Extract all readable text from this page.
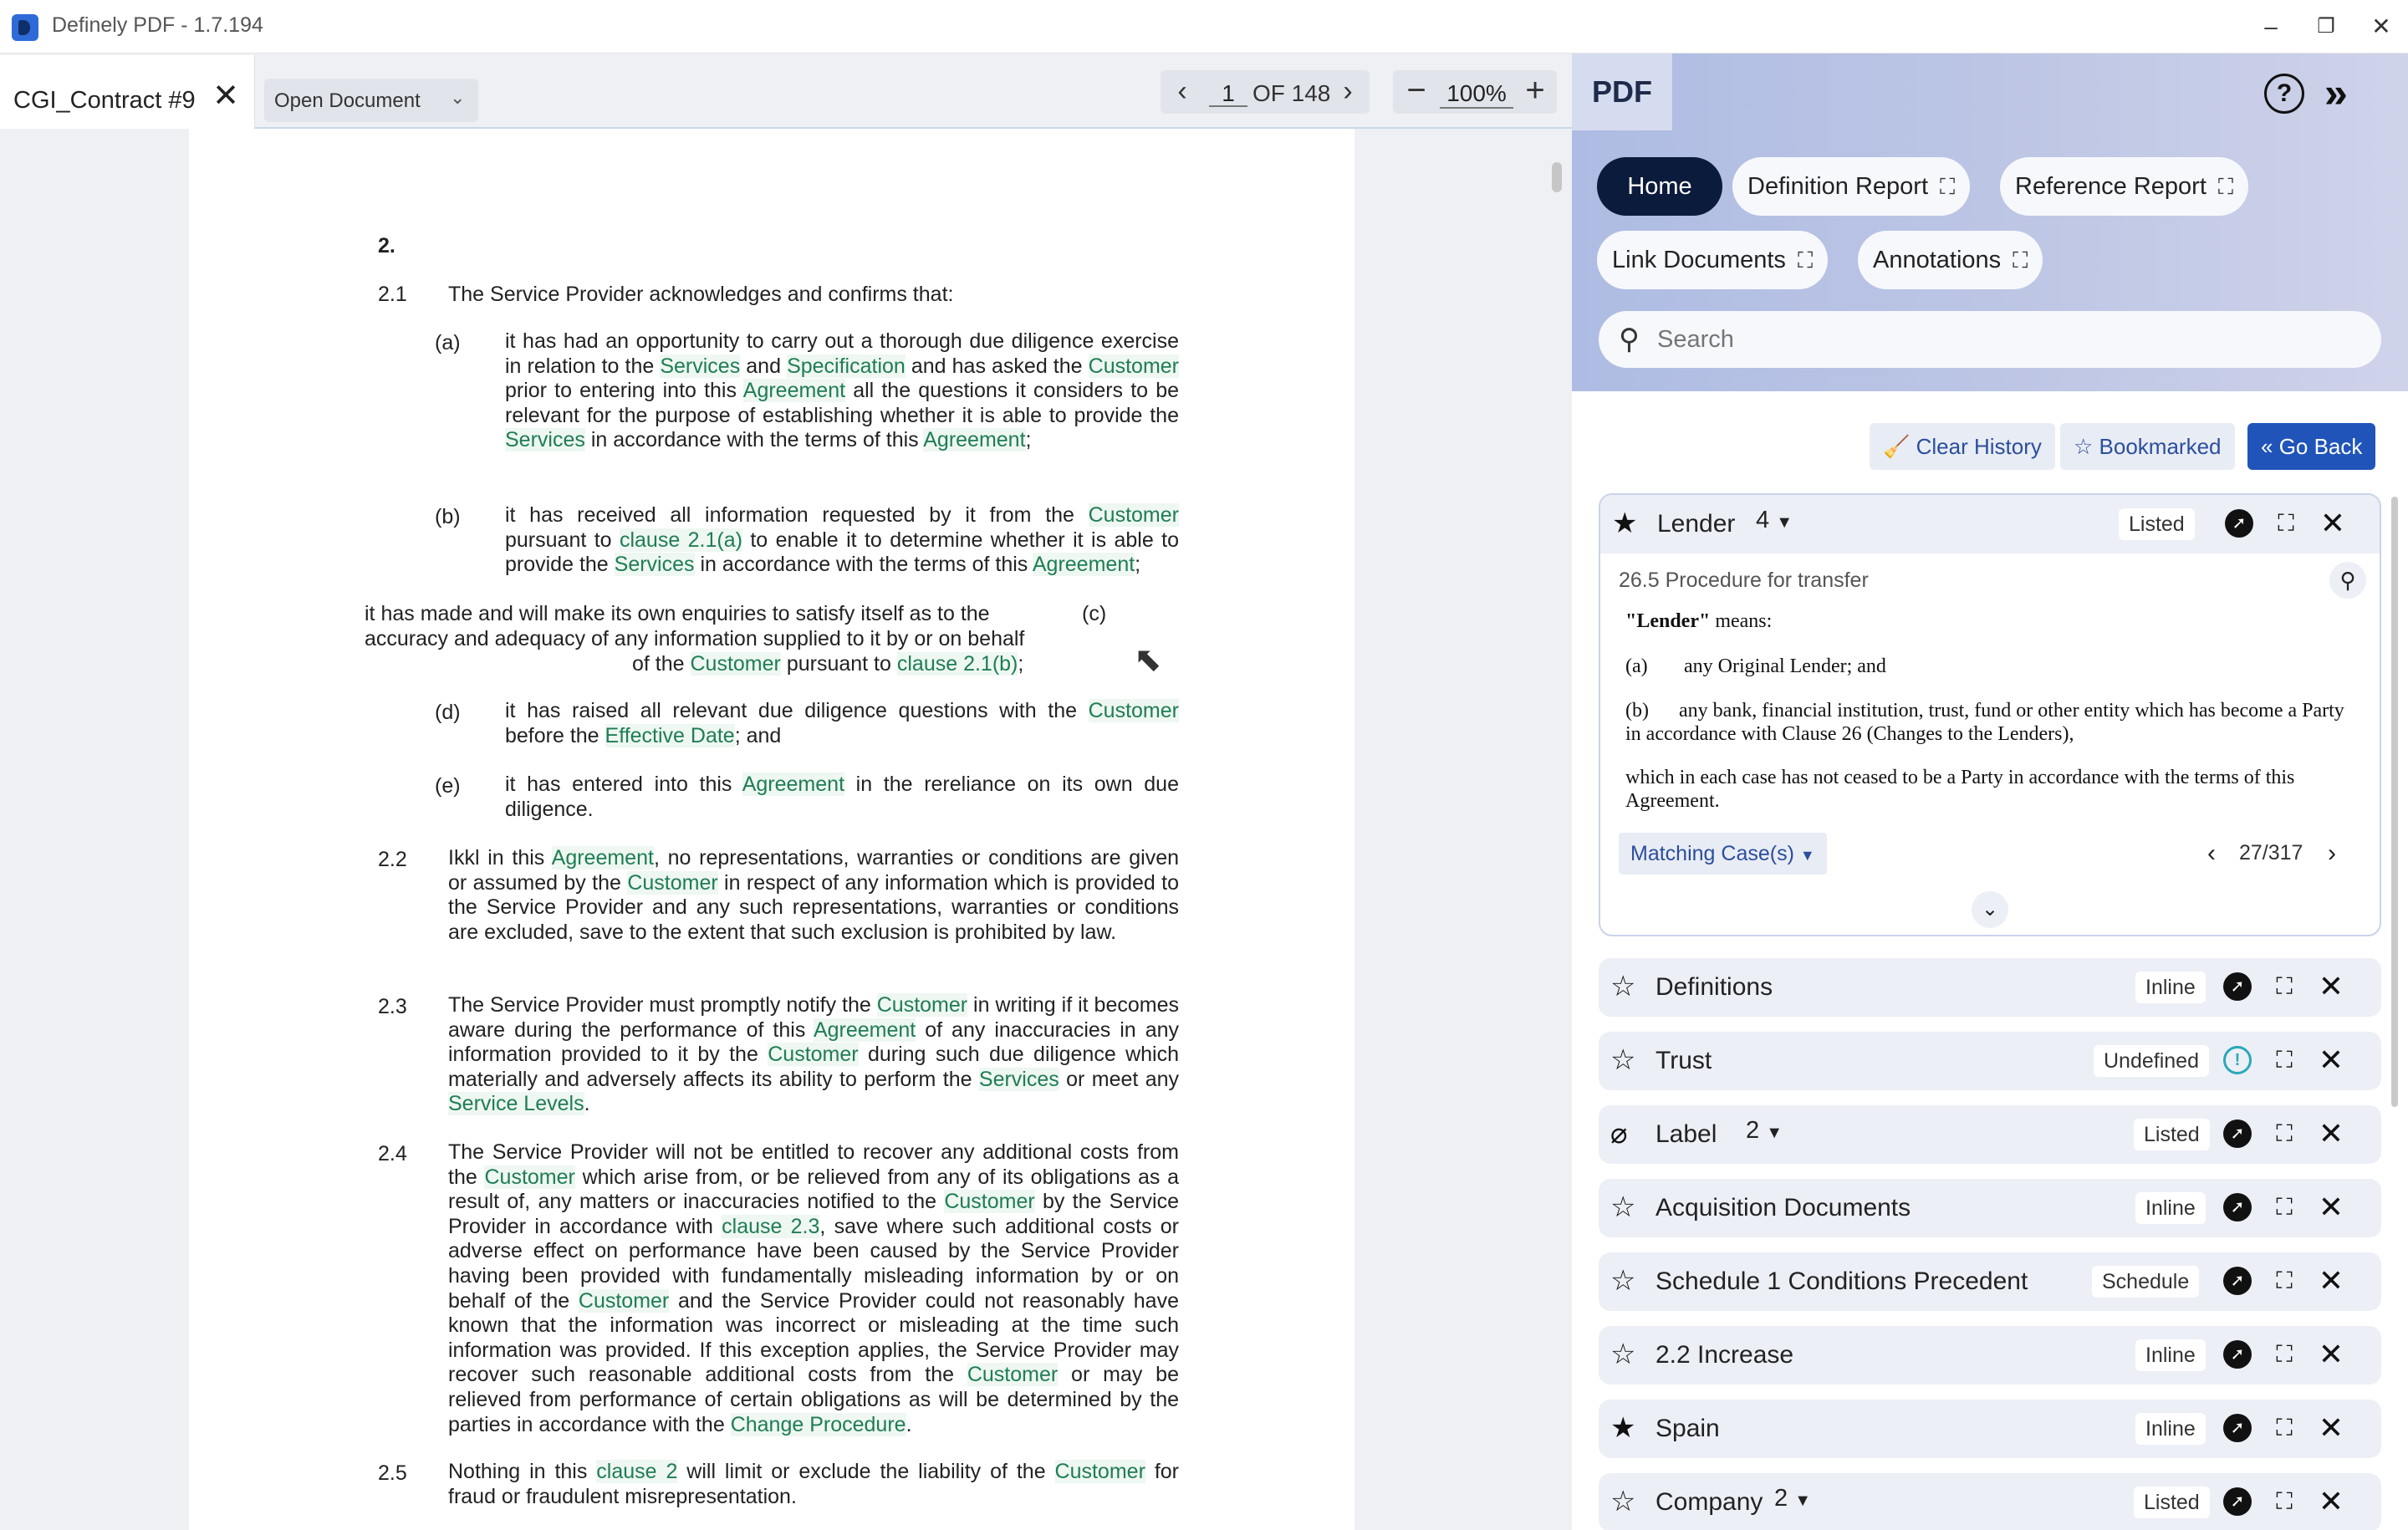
Definely PDF - 1.7.194	–	❐ ✕
CGI_Contract #9 ✕ Open Document ⌄	‹	1 OF 148 ›	− 100% +
2.
2.1 The Service Provider acknowledges and confirms that:
(a) it has had an opportunity to carry out a thorough due diligence exercise in relation to the Services and Specification and has asked the Customer prior to entering into this Agreement all the questions it considers to be relevant for the purpose of establishing whether it is able to provide the Services in accordance with the terms of this Agreement;
(b) it has received all information requested by it from the Customer pursuant to clause 2.1(a) to enable it to determine whether it is able to provide the Services in accordance with the terms of this Agreement;
it has made and will make its own enquiries to satisfy itself as to the
accuracy and adequacy of any information supplied to it by or on behalf
of the Customer pursuant to clause 2.1(b);
(c)
(d) it has raised all relevant due diligence questions with the Customer before the Effective Date; and
(e) it has entered into this Agreement in the rereliance on its own due diligence.
2.2 Ikkl in this Agreement, no representations, warranties or conditions are given or assumed by the Customer in respect of any information which is provided to the Service Provider and any such representations, warranties or conditions are excluded, save to the extent that such exclusion is prohibited by law.
2.3 The Service Provider must promptly notify the Customer in writing if it becomes aware during the performance of this Agreement of any inaccuracies in any information provided to it by the Customer during such due diligence which materially and adversely affects its ability to perform the Services or meet any Service Levels.
2.4 The Service Provider will not be entitled to recover any additional costs from the Customer which arise from, or be relieved from any of its obligations as a result of, any matters or inaccuracies notified to the Customer by the Service Provider in accordance with clause 2.3, save where such additional costs or adverse effect on performance have been caused by the Service Provider having been provided with fundamentally misleading information by or on behalf of the Customer and the Service Provider could not reasonably have known that the information was incorrect or misleading at the time such information was provided. If this exception applies, the Service Provider may recover such reasonable additional costs from the Customer or may be relieved from performance of certain obligations as will be determined by the parties in accordance with the Change Procedure.
2.5 Nothing in this clause 2 will limit or exclude the liability of the Customer for fraud or fraudulent misrepresentation.
⬉
PDF	? »
Home	Definition Report ⛶	Reference Report ⛶
Link Documents ⛶	Annotations ⛶
⚲
Search
🧹 Clear History	☆ Bookmarked	« Go Back
★ Lender 4 ▼	Listed	➚	⛶ ✕
26.5 Procedure for transfer	⚲
"Lender" means:
(a) any Original Lender; and
(b) any bank, financial institution, trust, fund or other entity which has become a Party in accordance with Clause 26 (Changes to the Lenders),
which in each case has not ceased to be a Party in accordance with the terms of this Agreement.
Matching Case(s) ▼	‹ 27/317 ›
⌄
☆ Definitions	Inline	➚	⛶ ✕
☆ Trust	Undefined	!	⛶ ✕
⌀ Label 2 ▼	Listed	➚	⛶ ✕
☆ Acquisition Documents	Inline	➚	⛶ ✕
☆ Schedule 1 Conditions Precedent	Schedule	➚	⛶ ✕
☆ 2.2 Increase	Inline	➚	⛶ ✕
★ Spain	Inline	➚	⛶ ✕
☆ Company 2 ▼	Listed	➚	⛶ ✕
